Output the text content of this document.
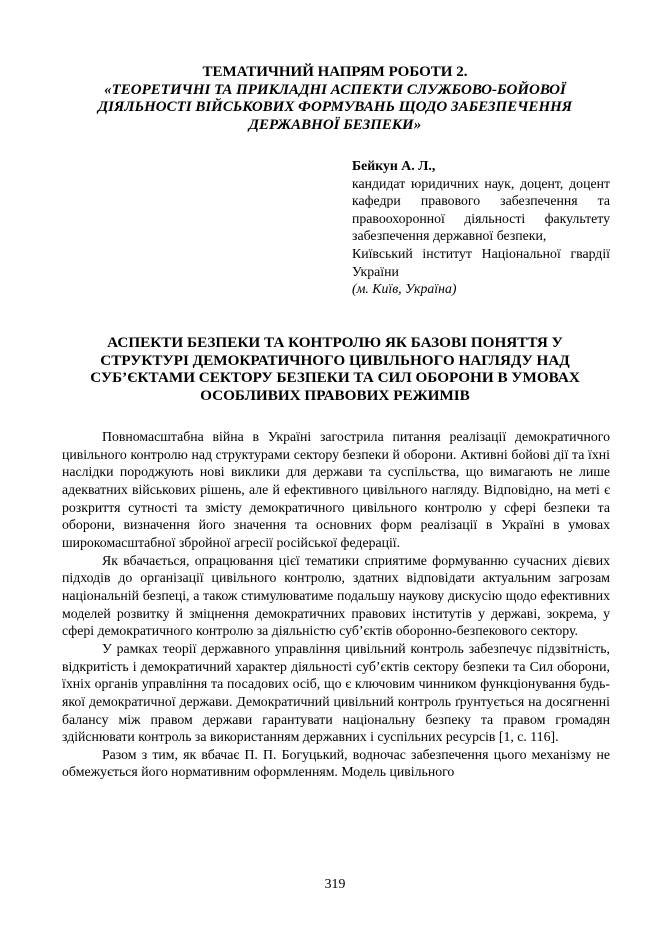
ТЕМАТИЧНИЙ НАПРЯМ РОБОТИ 2.
«ТЕОРЕТИЧНІ ТА ПРИКЛАДНІ АСПЕКТИ СЛУЖБОВО-БОЙОВОЇ ДІЯЛЬНОСТІ ВІЙСЬКОВИХ ФОРМУВАНЬ ЩОДО ЗАБЕЗПЕЧЕННЯ ДЕРЖАВНОЇ БЕЗПЕКИ»
Бейкун А. Л.,
кандидат юридичних наук, доцент, доцент кафедри правового забезпечення та правоохоронної діяльності факультету забезпечення державної безпеки,
Київський інститут Національної гвардії України
(м. Київ, Україна)
АСПЕКТИ БЕЗПЕКИ ТА КОНТРОЛЮ ЯК БАЗОВІ ПОНЯТТЯ У СТРУКТУРІ ДЕМОКРАТИЧНОГО ЦИВІЛЬНОГО НАГЛЯДУ НАД СУБ’ЄКТАМИ СЕКТОРУ БЕЗПЕКИ ТА СИЛ ОБОРОНИ В УМОВАХ ОСОБЛИВИХ ПРАВОВИХ РЕЖИМІВ

Повномасштабна війна в Україні загострила питання реалізації демократичного цивільного контролю над структурами сектору безпеки й оборони. Активні бойові дії та їхні наслідки породжують нові виклики для держави та суспільства, що вимагають не лише адекватних військових рішень, але й ефективного цивільного нагляду. Відповідно, на меті є розкриття сутності та змісту демократичного цивільного контролю у сфері безпеки та оборони, визначення його значення та основних форм реалізації в Україні в умовах широкомасштабної збройної агресії російської федерації.

Як вбачається, опрацювання цієї тематики сприятиме формуванню сучасних дієвих підходів до організації цивільного контролю, здатних відповідати актуальним загрозам національній безпеці, а також стимулюватиме подальшу наукову дискусію щодо ефективних моделей розвитку й зміцнення демократичних правових інститутів у державі, зокрема, у сфері демократичного контролю за діяльністю суб’єктів оборонно-безпекового сектору.

У рамках теорії державного управління цивільний контроль забезпечує підзвітність, відкритість і демократичний характер діяльності суб’єктів сектору безпеки та Сил оборони, їхніх органів управління та посадових осіб, що є ключовим чинником функціонування будь-якої демократичної держави. Демократичний цивільний контроль ґрунтується на досягненні балансу між правом держави гарантувати національну безпеку та правом громадян здійснювати контроль за використанням державних і суспільних ресурсів [1, с. 116].

Разом з тим, як вбачає П. П. Богуцький, водночас забезпечення цього механізму не обмежується його нормативним оформленням. Модель цивільного

319
